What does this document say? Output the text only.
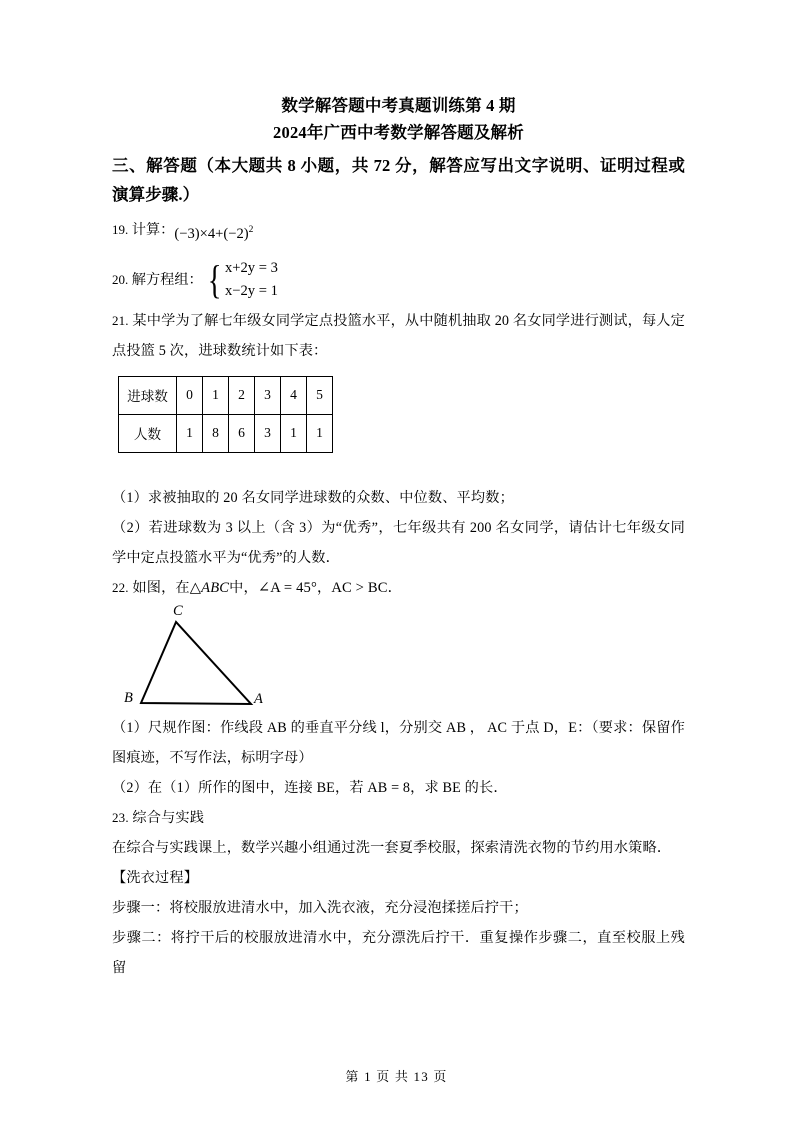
数学解答题中考真题训练第 4 期
2024年广西中考数学解答题及解析
三、解答题（本大题共 8 小题，共 72 分，解答应写出文字说明、证明过程或演算步骤.）
19. 计算： $(-3)\times 4+(-2)^2$
20. 解方程组： { x+2y = 3
x−2y = 1
21. 某中学为了解七年级女同学定点投篮水平，从中随机抽取 20 名女同学进行测试，每人定点投篮 5 次，进球数统计如下表：
进球数	0	1	2	3	4	5
人数	1	8	6	3	1	1
（1）求被抽取的 20 名女同学进球数的众数、中位数、平均数；
（2）若进球数为 3 以上（含 3）为“优秀”，七年级共有 200 名女同学，请估计七年级女同学中定点投篮水平为“优秀”的人数．
22. 如图，在△ABC中，∠A = 45°，AC > BC．
C
B	A
（1）尺规作图：作线段 AB 的垂直平分线 l，分别交 AB ， AC 于点 D，E：（要求：保留作图痕迹，不写作法，标明字母）
（2）在（1）所作的图中，连接 BE，若 AB = 8，求 BE 的长．
23. 综合与实践
在综合与实践课上，数学兴趣小组通过洗一套夏季校服，探索清洗衣物的节约用水策略．
【洗衣过程】
步骤一：将校服放进清水中，加入洗衣液，充分浸泡揉搓后拧干；
步骤二：将拧干后的校服放进清水中，充分漂洗后拧干．重复操作步骤二，直至校服上残留
第 1 页 共 13 页
